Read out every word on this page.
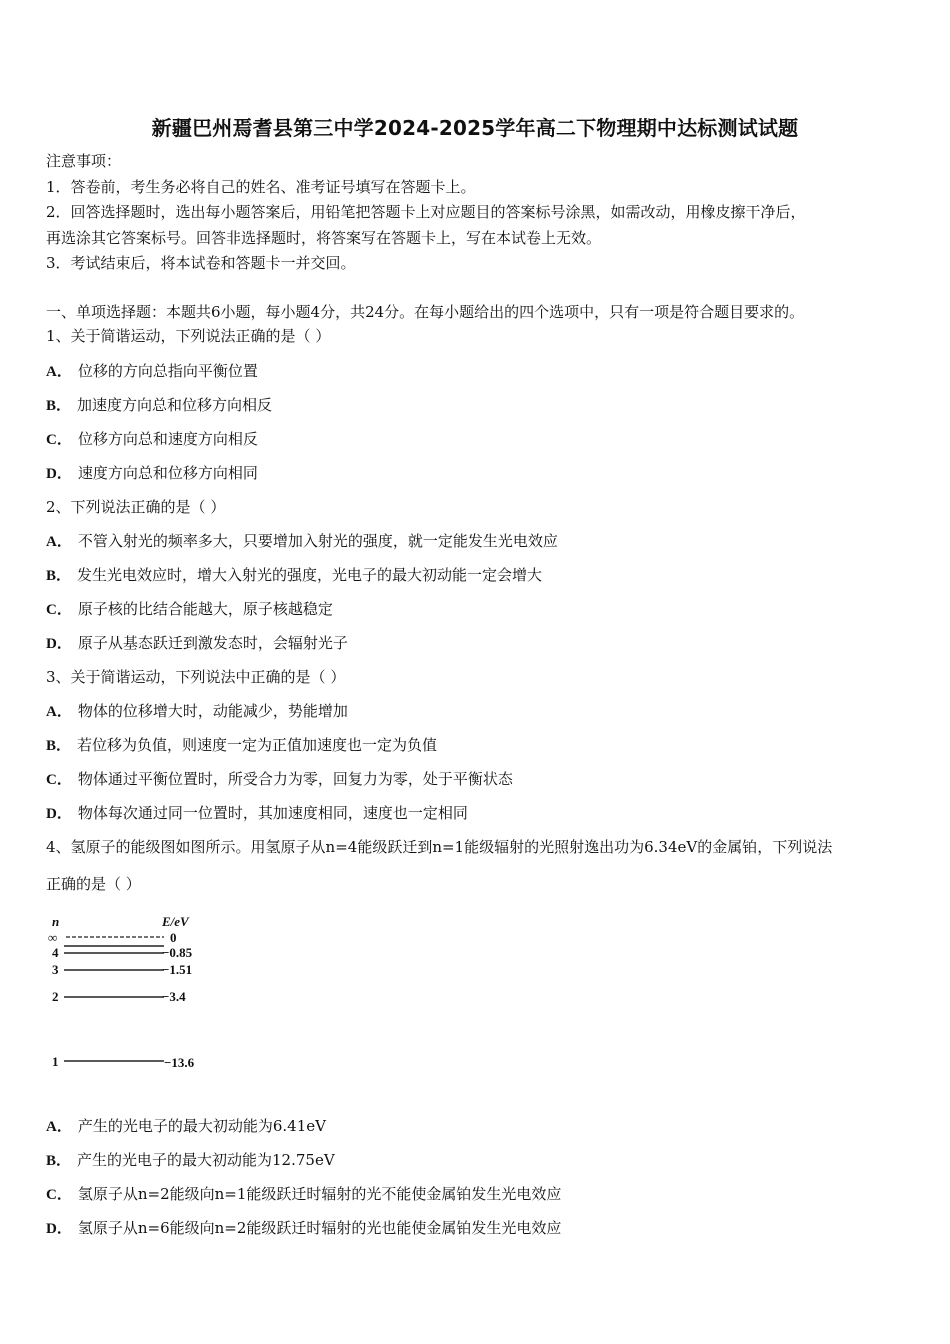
新疆巴州焉耆县第三中学2024-2025学年高二下物理期中达标测试试题
注意事项：
1．答卷前，考生务必将自己的姓名、准考证号填写在答题卡上。
2．回答选择题时，选出每小题答案后，用铅笔把答题卡上对应题目的答案标号涂黑，如需改动，用橡皮擦干净后，
再选涂其它答案标号。回答非选择题时，将答案写在答题卡上，写在本试卷上无效。
3．考试结束后，将本试卷和答题卡一并交回。
一、单项选择题：本题共6小题，每小题4分，共24分。在每小题给出的四个选项中，只有一项是符合题目要求的。
1、关于简谐运动，下列说法正确的是（ ）
A． 位移的方向总指向平衡位置
B． 加速度方向总和位移方向相反
C． 位移方向总和速度方向相反
D． 速度方向总和位移方向相同
2、下列说法正确的是（ ）
A． 不管入射光的频率多大，只要增加入射光的强度，就一定能发生光电效应
B． 发生光电效应时，增大入射光的强度，光电子的最大初动能一定会增大
C． 原子核的比结合能越大，原子核越稳定
D． 原子从基态跃迁到激发态时，会辐射光子
3、关于简谐运动，下列说法中正确的是（ ）
A． 物体的位移增大时，动能减少，势能增加
B． 若位移为负值，则速度一定为正值加速度也一定为负值
C． 物体通过平衡位置时，所受合力为零，回复力为零，处于平衡状态
D． 物体每次通过同一位置时，其加速度相同，速度也一定相同
4、氢原子的能级图如图所示。用氢原子从n=4能级跃迁到n=1能级辐射的光照射逸出功为6.34eV的金属铂，下列说法
正确的是（ ）
n	E/eV
∞	0
4	−0.85
3	−1.51
2	−3.4
1	−13.6
A． 产生的光电子的最大初动能为6.41eV
B． 产生的光电子的最大初动能为12.75eV
C． 氢原子从n=2能级向n=1能级跃迁时辐射的光不能使金属铂发生光电效应
D． 氢原子从n=6能级向n=2能级跃迁时辐射的光也能使金属铂发生光电效应
